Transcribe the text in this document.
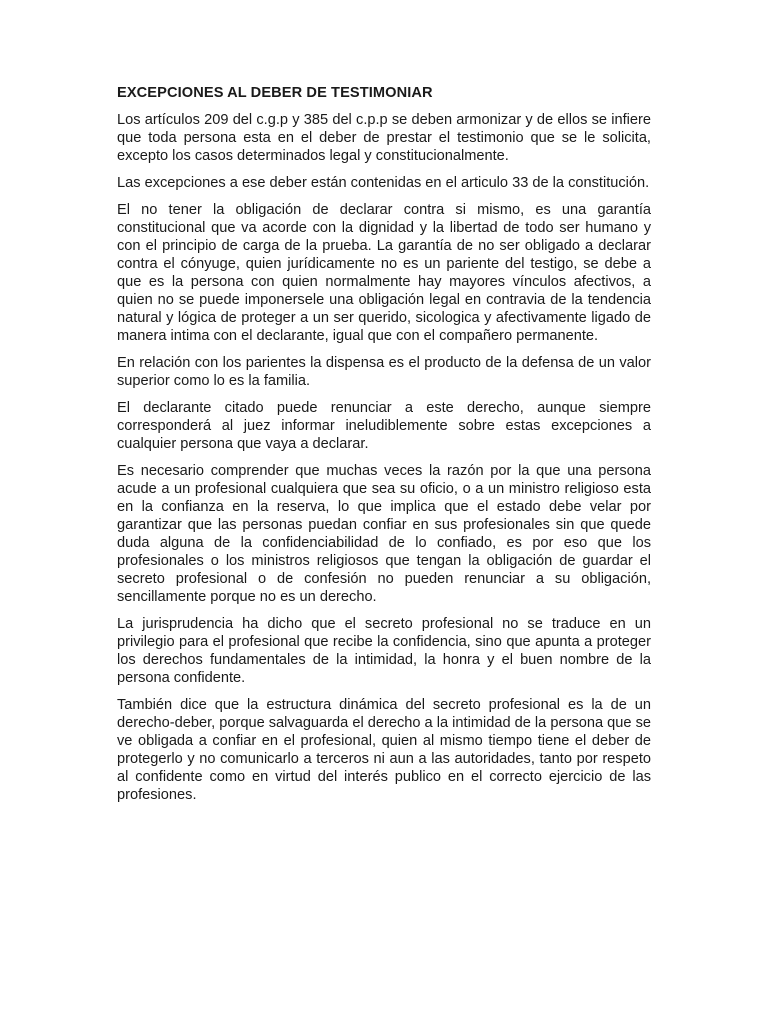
EXCEPCIONES AL DEBER DE TESTIMONIAR

Los artículos 209 del c.g.p y 385 del c.p.p se deben armonizar y de ellos se infiere que toda persona esta en el deber de prestar el testimonio que se le solicita, excepto los casos determinados legal y constitucionalmente.

Las excepciones a ese deber están contenidas en el articulo 33 de la constitución.

El no tener la obligación de declarar contra si mismo, es una garantía constitucional que va acorde con la dignidad y la libertad de todo ser humano y con el principio de carga de la prueba. La garantía de no ser obligado a declarar contra el cónyuge, quien jurídicamente no es un pariente del testigo, se debe a que es la persona con quien normalmente hay mayores vínculos afectivos, a quien no se puede imponersele una obligación legal en contravia de la tendencia natural y lógica de proteger a un ser querido, sicologica y afectivamente ligado de manera intima con el declarante, igual que con el compañero permanente.

En relación con los parientes la dispensa es el producto de la defensa de un valor superior como lo es la familia.

El declarante citado puede renunciar a este derecho, aunque siempre corresponderá al juez informar ineludiblemente sobre estas excepciones a cualquier persona que vaya a declarar.

Es necesario comprender que muchas veces la razón por la que una persona acude a un profesional cualquiera que sea su oficio, o a un ministro religioso esta en la confianza en la reserva, lo que implica que el estado debe velar por garantizar que las personas puedan confiar en sus profesionales sin que quede duda alguna de la confidenciabilidad de lo confiado, es por eso que los profesionales o los ministros religiosos que tengan la obligación de guardar el secreto profesional o de confesión no pueden renunciar a su obligación, sencillamente porque no es un derecho.

La jurisprudencia ha dicho que el secreto profesional no se traduce en un privilegio para el profesional que recibe la confidencia, sino que apunta a proteger los derechos fundamentales de la intimidad, la honra y el buen nombre de la persona confidente.

También dice que la estructura dinámica del secreto profesional es la de un derecho-deber, porque salvaguarda el derecho a la intimidad de la persona que se ve obligada a confiar en el profesional, quien al mismo tiempo tiene el deber de protegerlo y no comunicarlo a terceros ni aun a las autoridades, tanto por respeto al confidente como en virtud del interés publico en el correcto ejercicio de las profesiones.
